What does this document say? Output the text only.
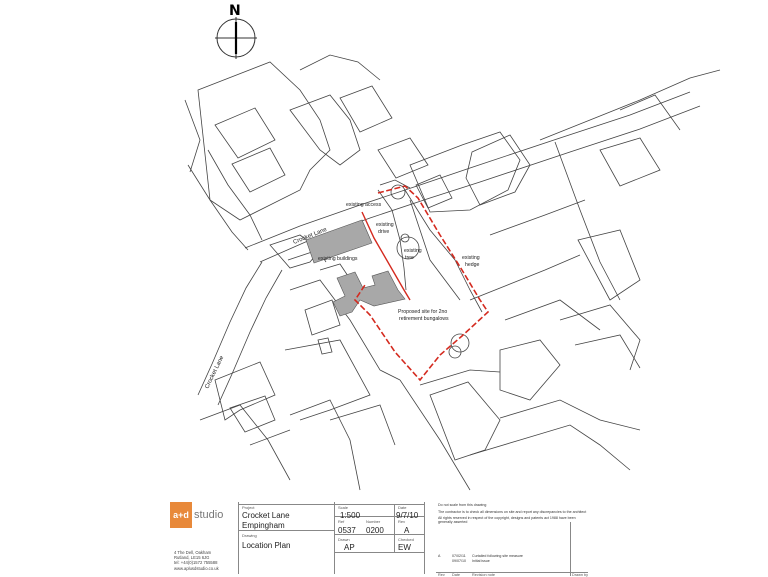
N
Crocket Lane
Crocket Lane
existing access
existing
drive
existing
tree	existing
hedge
existing buildings
Proposed site for 2no
retirement bungalows
a+d studio
4 The Dell, Oakham
Rutland, LE15 6JG
tel: +44(0)1572 755588
www.aplusdstudio.co.uk
Project
Crocket Lane
Empingham
Drawing
Location Plan
Scale
1:500
Date
9/7/10
Ref
0537
Number
0200
Rev
A
Drawn
AP
Checked
EW
Do not scale from this drawing
The contractor is to check all dimensions on site and report any discrepancies to the architect
All rights reserved in respect of the copyright, designs and patents act 1988 have been
generally asserted
A	07/02/11 Curtailed following site measure
09/07/10 Initial issue
Rev Date	Revision note	Drawn by
